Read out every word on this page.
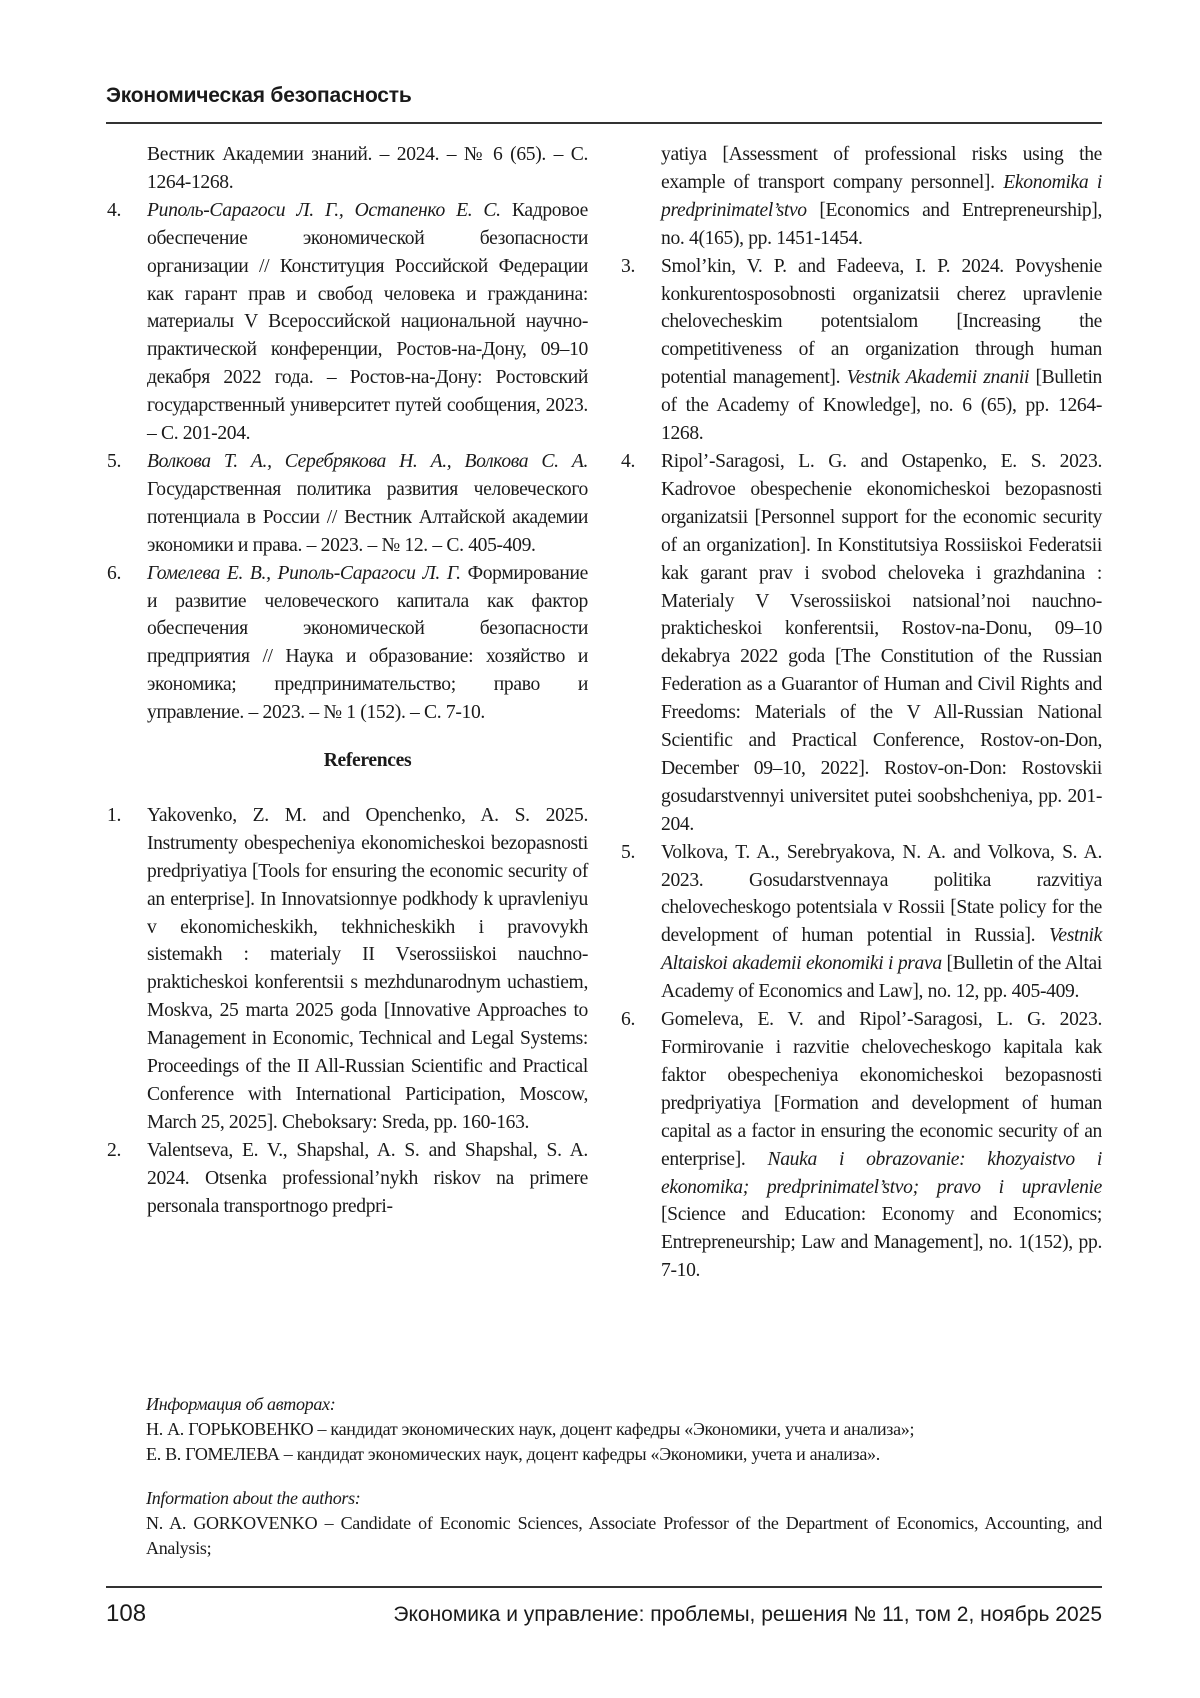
Экономическая безопасность
Вестник Академии знаний. – 2024. – № 6 (65). – С. 1264-1268.
4. Риполь-Сарагоси Л. Г., Остапенко Е. С. Кадровое обеспечение экономической безопасности организации // Конституция Российской Федерации как гарант прав и свобод человека и гражданина: материалы V Всероссийской национальной научно-практической конференции, Ростов-на-Дону, 09–10 декабря 2022 года. – Ростов-на-Дону: Ростовский государственный университет путей сообщения, 2023. – С. 201-204.
5. Волкова Т. А., Серебрякова Н. А., Волкова С. А. Государственная политика развития человеческого потенциала в России // Вестник Алтайской академии экономики и права. – 2023. – № 12. – С. 405-409.
6. Гомелева Е. В., Риполь-Сарагоси Л. Г. Формирование и развитие человеческого капитала как фактор обеспечения экономической безопасности предприятия // Наука и образование: хозяйство и экономика; предпринимательство; право и управление. – 2023. – № 1 (152). – С. 7-10.
References
1. Yakovenko, Z. M. and Openchenko, A. S. 2025. Instrumenty obespecheniya ekonomicheskoi bezopasnosti predpriyatiya [Tools for ensuring the economic security of an enterprise]. In Innovatsionnye podkhody k upravleniyu v ekonomicheskikh, tekhnicheskikh i pravovykh sistemakh : materialy II Vserossiiskoi nauchno-prakticheskoi konferentsii s mezhdunarodnym uchastiem, Moskva, 25 marta 2025 goda [Innovative Approaches to Management in Economic, Technical and Legal Systems: Proceedings of the II All-Russian Scientific and Practical Conference with International Participation, Moscow, March 25, 2025]. Cheboksary: Sreda, pp. 160-163.
2. Valentseva, E. V., Shapshal, A. S. and Shapshal, S. A. 2024. Otsenka professional’nykh riskov na primere personala transportnogo predpri-
yatiya [Assessment of professional risks using the example of transport company personnel]. Ekonomika i predprinimatel’stvo [Economics and Entrepreneurship], no. 4(165), pp. 1451-1454.
3. Smol’kin, V. P. and Fadeeva, I. P. 2024. Povyshenie konkurentosposobnosti organizatsii cherez upravlenie chelovecheskim potentsialom [Increasing the competitiveness of an organization through human potential management]. Vestnik Akademii znanii [Bulletin of the Academy of Knowledge], no. 6 (65), pp. 1264-1268.
4. Ripol’-Saragosi, L. G. and Ostapenko, E. S. 2023. Kadrovoe obespechenie ekonomicheskoi bezopasnosti organizatsii [Personnel support for the economic security of an organization]. In Konstitutsiya Rossiiskoi Federatsii kak garant prav i svobod cheloveka i grazhdanina : Materialy V Vserossiiskoi natsional’noi nauchno-prakticheskoi konferentsii, Rostov-na-Donu, 09–10 dekabrya 2022 goda [The Constitution of the Russian Federation as a Guarantor of Human and Civil Rights and Freedoms: Materials of the V All-Russian National Scientific and Practical Conference, Rostov-on-Don, December 09–10, 2022]. Rostov-on-Don: Rostovskii gosudarstvennyi universitet putei soobshcheniya, pp. 201-204.
5. Volkova, T. A., Serebryakova, N. A. and Volkova, S. A. 2023. Gosudarstvennaya politika razvitiya chelovecheskogo potentsiala v Rossii [State policy for the development of human potential in Russia]. Vestnik Altaiskoi akademii ekonomiki i prava [Bulletin of the Altai Academy of Economics and Law], no. 12, pp. 405-409.
6. Gomeleva, E. V. and Ripol’-Saragosi, L. G. 2023. Formirovanie i razvitie chelovecheskogo kapitala kak faktor obespecheniya ekonomicheskoi bezopasnosti predpriyatiya [Formation and development of human capital as a factor in ensuring the economic security of an enterprise]. Nauka i obrazovanie: khozyaistvo i ekonomika; predprinimatel’stvo; pravo i upravlenie [Science and Education: Economy and Economics; Entrepreneurship; Law and Management], no. 1(152), pp. 7-10.
Информация об авторах:
Н. А. ГОРЬКОВЕНКО – кандидат экономических наук, доцент кафедры «Экономики, учета и анализа»;
Е. В. ГОМЕЛЕВА – кандидат экономических наук, доцент кафедры «Экономики, учета и анализа».
Information about the authors:
N. A. GORKOVENKO – Candidate of Economic Sciences, Associate Professor of the Department of Economics, Accounting, and Analysis;
108	Экономика и управление: проблемы, решения № 11, том 2, ноябрь 2025
